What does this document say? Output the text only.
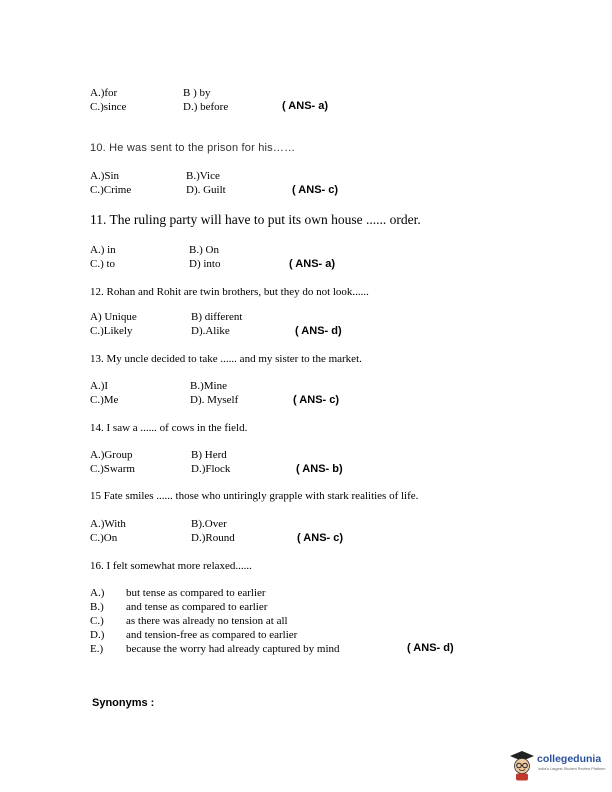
A.)for	B ) by
C.)since	D.) before	( ANS- a)
10. He was sent to the prison for his……
A.)Sin	B.)Vice
C.)Crime	D). Guilt	( ANS- c)
11. The ruling party will have to put its own house ...... order.
A.) in	B.) On
C.) to	D) into	( ANS- a)
12. Rohan and Rohit are twin brothers, but they do not look......
A) Unique	B) different
C.)Likely	D).Alike	( ANS- d)
13. My uncle decided to take ...... and my sister to the market.
A.)I	B.)Mine
C.)Me	D). Myself	( ANS- c)
14. I saw a ...... of cows in the field.
A.)Group	B) Herd
C.)Swarm	D.)Flock	( ANS- b)
15 Fate smiles ...... those who untiringly grapple with stark realities of life.
A.)With	B).Over
C.)On	D.)Round	( ANS- c)
16. I felt somewhat more relaxed......
A.) but tense as compared to earlier
B.) and tense as compared to earlier
C.) as there was already no tension at all
D.) and tension-free as compared to earlier
E.) because the worry had already captured by mind	( ANS- d)
Synonyms :
collegedunia
India's Largest Student Review Platform
